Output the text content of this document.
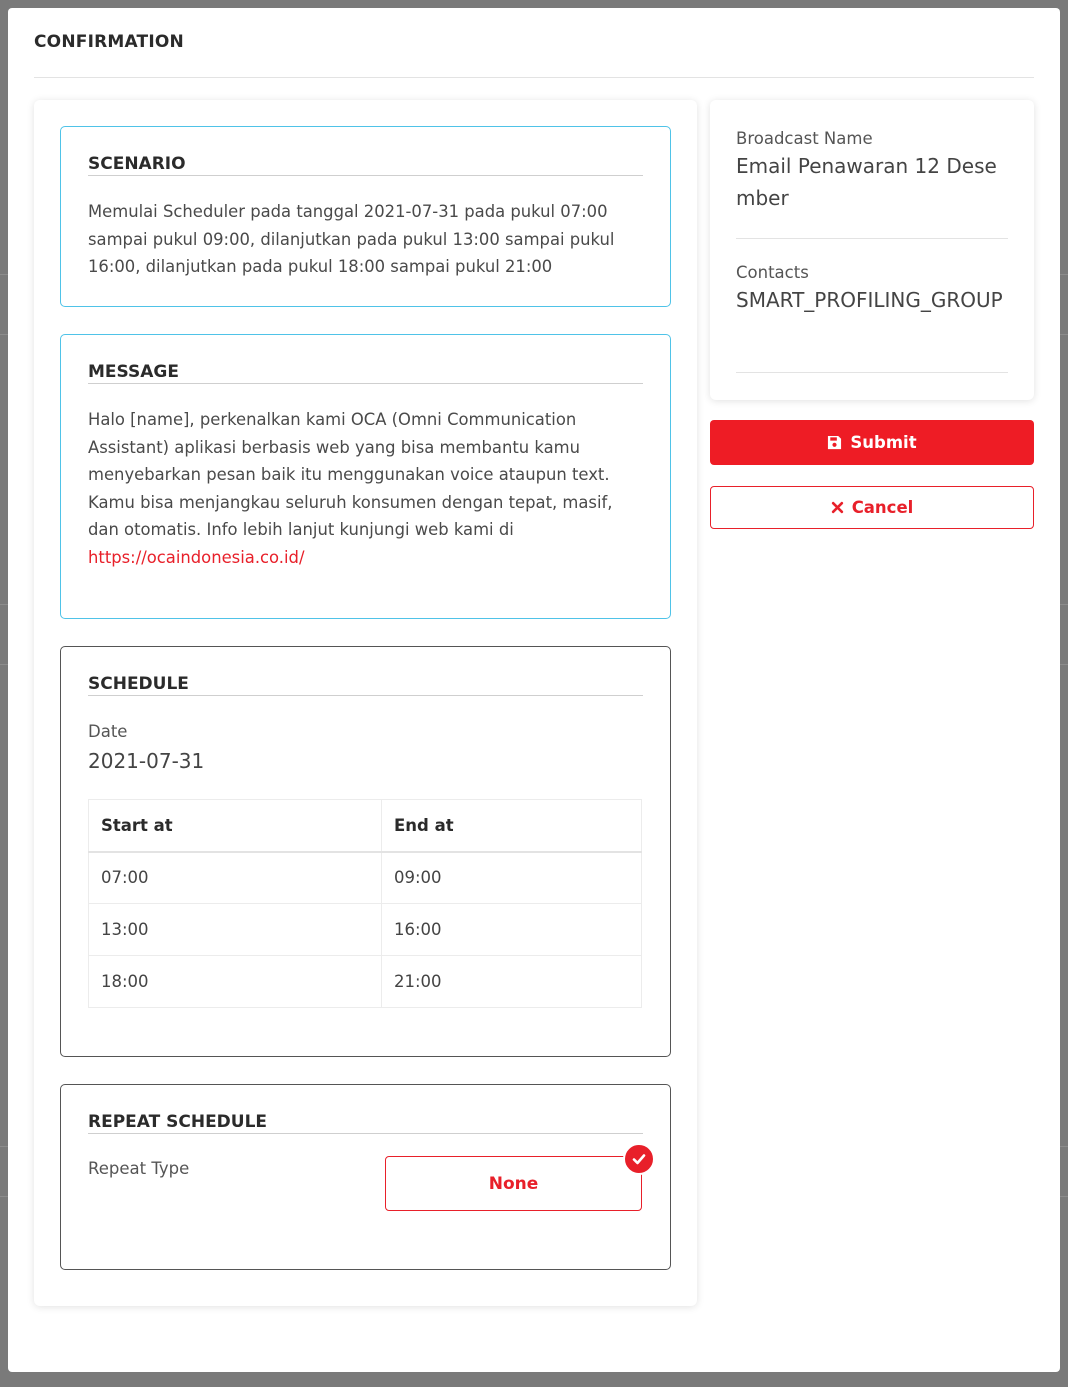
CONFIRMATION
SCENARIO
Memulai Scheduler pada tanggal 2021-07-31 pada pukul 07:00 sampai pukul 09:00, dilanjutkan pada pukul 13:00 sampai pukul 16:00, dilanjutkan pada pukul 18:00 sampai pukul 21:00
MESSAGE
Halo [name], perkenalkan kami OCA (Omni Communication Assistant) aplikasi berbasis web yang bisa membantu kamu menyebarkan pesan baik itu menggunakan voice ataupun text. Kamu bisa menjangkau seluruh konsumen dengan tepat, masif, dan otomatis. Info lebih lanjut kunjungi web kami di
https://ocaindonesia.co.id/
SCHEDULE
Date
2021-07-31
Start at	End at
07:00	09:00
13:00	16:00
18:00	21:00
REPEAT SCHEDULE
Repeat Type
None
Broadcast Name
Email Penawaran 12 Desember
Contacts
SMART_PROFILING_GROUP
Submit
Cancel
